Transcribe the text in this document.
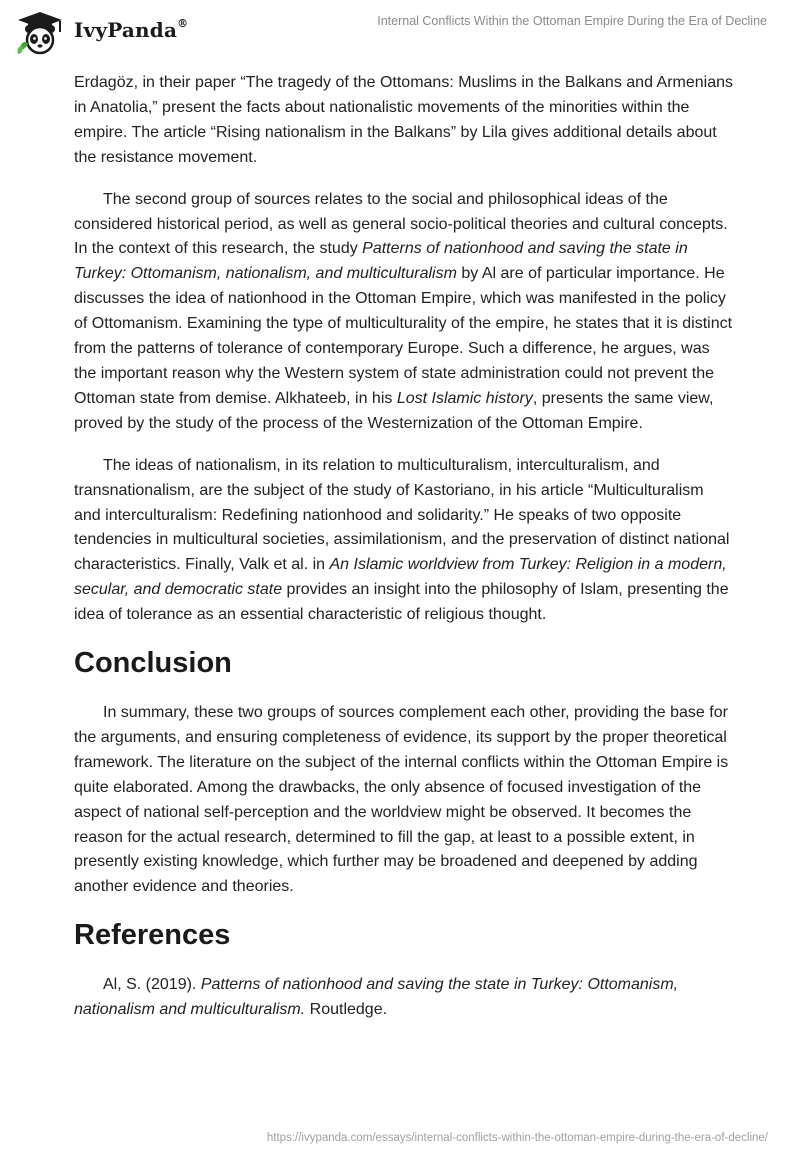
IvyPanda®	Internal Conflicts Within the Ottoman Empire During the Era of Decline

Erdagöz, in their paper “The tragedy of the Ottomans: Muslims in the Balkans and Armenians in Anatolia,” present the facts about nationalistic movements of the minorities within the empire. The article “Rising nationalism in the Balkans” by Lila gives additional details about the resistance movement.

The second group of sources relates to the social and philosophical ideas of the considered historical period, as well as general socio-political theories and cultural concepts. In the context of this research, the study Patterns of nationhood and saving the state in Turkey: Ottomanism, nationalism, and multiculturalism by Al are of particular importance. He discusses the idea of nationhood in the Ottoman Empire, which was manifested in the policy of Ottomanism. Examining the type of multiculturality of the empire, he states that it is distinct from the patterns of tolerance of contemporary Europe. Such a difference, he argues, was the important reason why the Western system of state administration could not prevent the Ottoman state from demise. Alkhateeb, in his Lost Islamic history, presents the same view, proved by the study of the process of the Westernization of the Ottoman Empire.

The ideas of nationalism, in its relation to multiculturalism, interculturalism, and transnationalism, are the subject of the study of Kastoriano, in his article “Multiculturalism and interculturalism: Redefining nationhood and solidarity.” He speaks of two opposite tendencies in multicultural societies, assimilationism, and the preservation of distinct national characteristics. Finally, Valk et al. in An Islamic worldview from Turkey: Religion in a modern, secular, and democratic state provides an insight into the philosophy of Islam, presenting the idea of tolerance as an essential characteristic of religious thought.

Conclusion

In summary, these two groups of sources complement each other, providing the base for the arguments, and ensuring completeness of evidence, its support by the proper theoretical framework. The literature on the subject of the internal conflicts within the Ottoman Empire is quite elaborated. Among the drawbacks, the only absence of focused investigation of the aspect of national self-perception and the worldview might be observed. It becomes the reason for the actual research, determined to fill the gap, at least to a possible extent, in presently existing knowledge, which further may be broadened and deepened by adding another evidence and theories.

References

Al, S. (2019). Patterns of nationhood and saving the state in Turkey: Ottomanism, nationalism and multiculturalism. Routledge.

https://ivypanda.com/essays/internal-conflicts-within-the-ottoman-empire-during-the-era-of-decline/
